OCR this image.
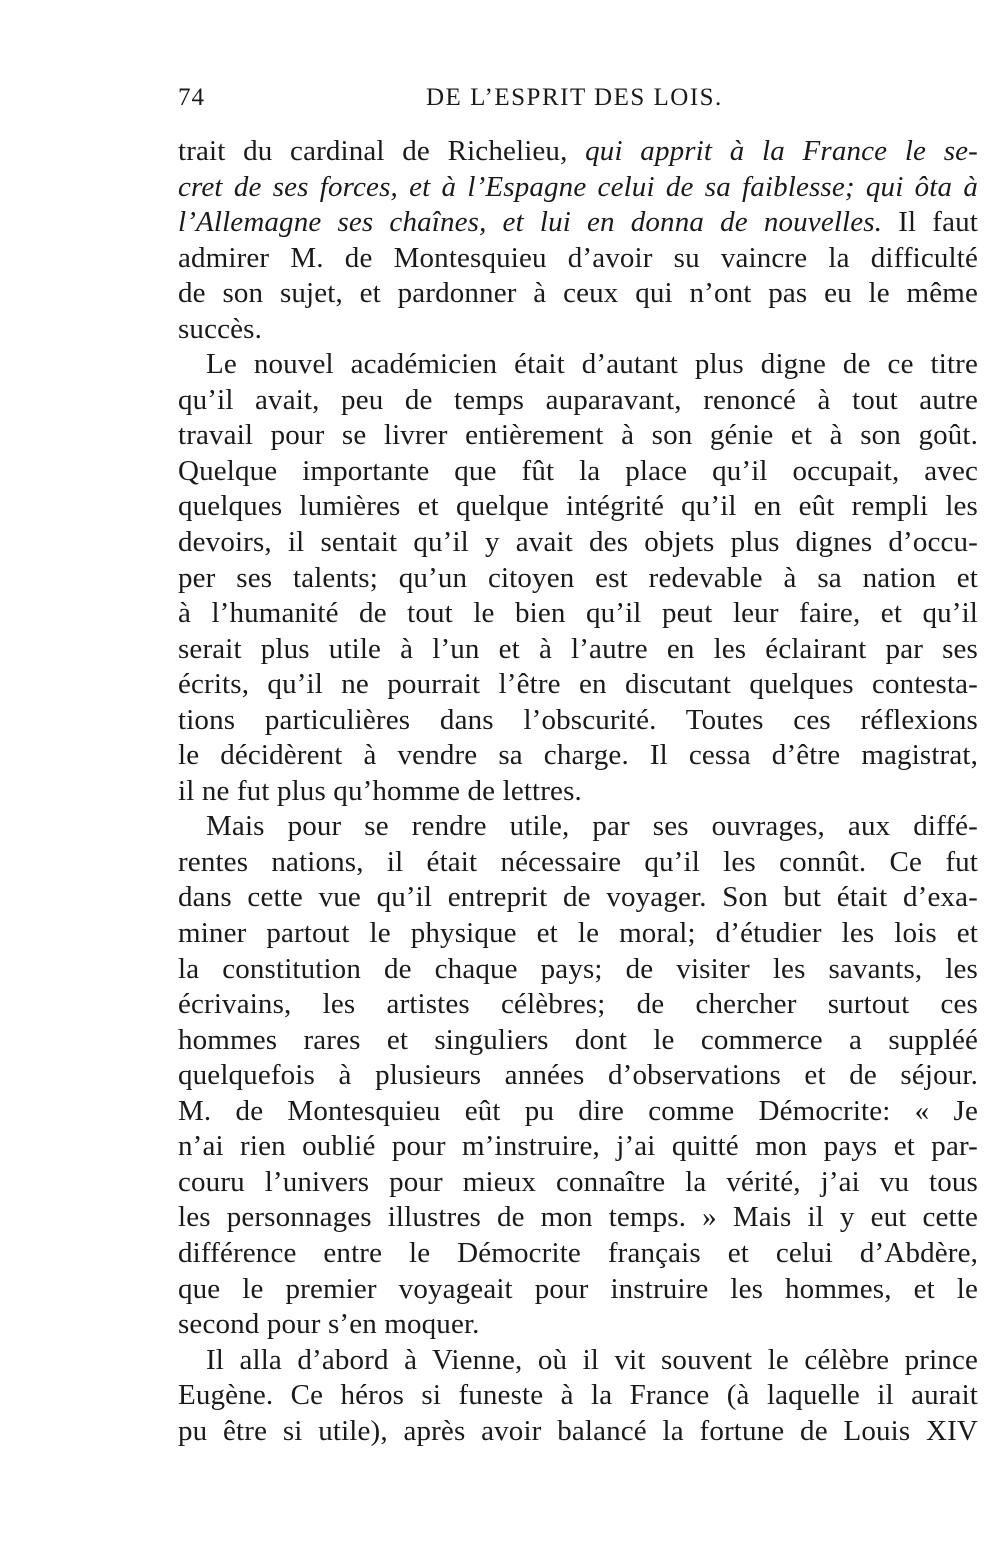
74	DE L’ESPRIT DES LOIS.
trait du cardinal de Richelieu, qui apprit à la France le se-
cret de ses forces, et à l’Espagne celui de sa faiblesse; qui ôta à
l’Allemagne ses chaînes, et lui en donna de nouvelles. Il faut
admirer M. de Montesquieu d’avoir su vaincre la difficulté
de son sujet, et pardonner à ceux qui n’ont pas eu le même
succès.
Le nouvel académicien était d’autant plus digne de ce titre
qu’il avait, peu de temps auparavant, renoncé à tout autre
travail pour se livrer entièrement à son génie et à son goût.
Quelque importante que fût la place qu’il occupait, avec
quelques lumières et quelque intégrité qu’il en eût rempli les
devoirs, il sentait qu’il y avait des objets plus dignes d’occu-
per ses talents; qu’un citoyen est redevable à sa nation et
à l’humanité de tout le bien qu’il peut leur faire, et qu’il
serait plus utile à l’un et à l’autre en les éclairant par ses
écrits, qu’il ne pourrait l’être en discutant quelques contesta-
tions particulières dans l’obscurité. Toutes ces réflexions
le décidèrent à vendre sa charge. Il cessa d’être magistrat,
il ne fut plus qu’homme de lettres.
Mais pour se rendre utile, par ses ouvrages, aux diffé-
rentes nations, il était nécessaire qu’il les connût. Ce fut
dans cette vue qu’il entreprit de voyager. Son but était d’exa-
miner partout le physique et le moral; d’étudier les lois et
la constitution de chaque pays; de visiter les savants, les
écrivains, les artistes célèbres; de chercher surtout ces
hommes rares et singuliers dont le commerce a suppléé
quelquefois à plusieurs années d’observations et de séjour.
M. de Montesquieu eût pu dire comme Démocrite: « Je
n’ai rien oublié pour m’instruire, j’ai quitté mon pays et par-
couru l’univers pour mieux connaître la vérité, j’ai vu tous
les personnages illustres de mon temps. » Mais il y eut cette
différence entre le Démocrite français et celui d’Abdère,
que le premier voyageait pour instruire les hommes, et le
second pour s’en moquer.
Il alla d’abord à Vienne, où il vit souvent le célèbre prince
Eugène. Ce héros si funeste à la France (à laquelle il aurait
pu être si utile), après avoir balancé la fortune de Louis XIV
